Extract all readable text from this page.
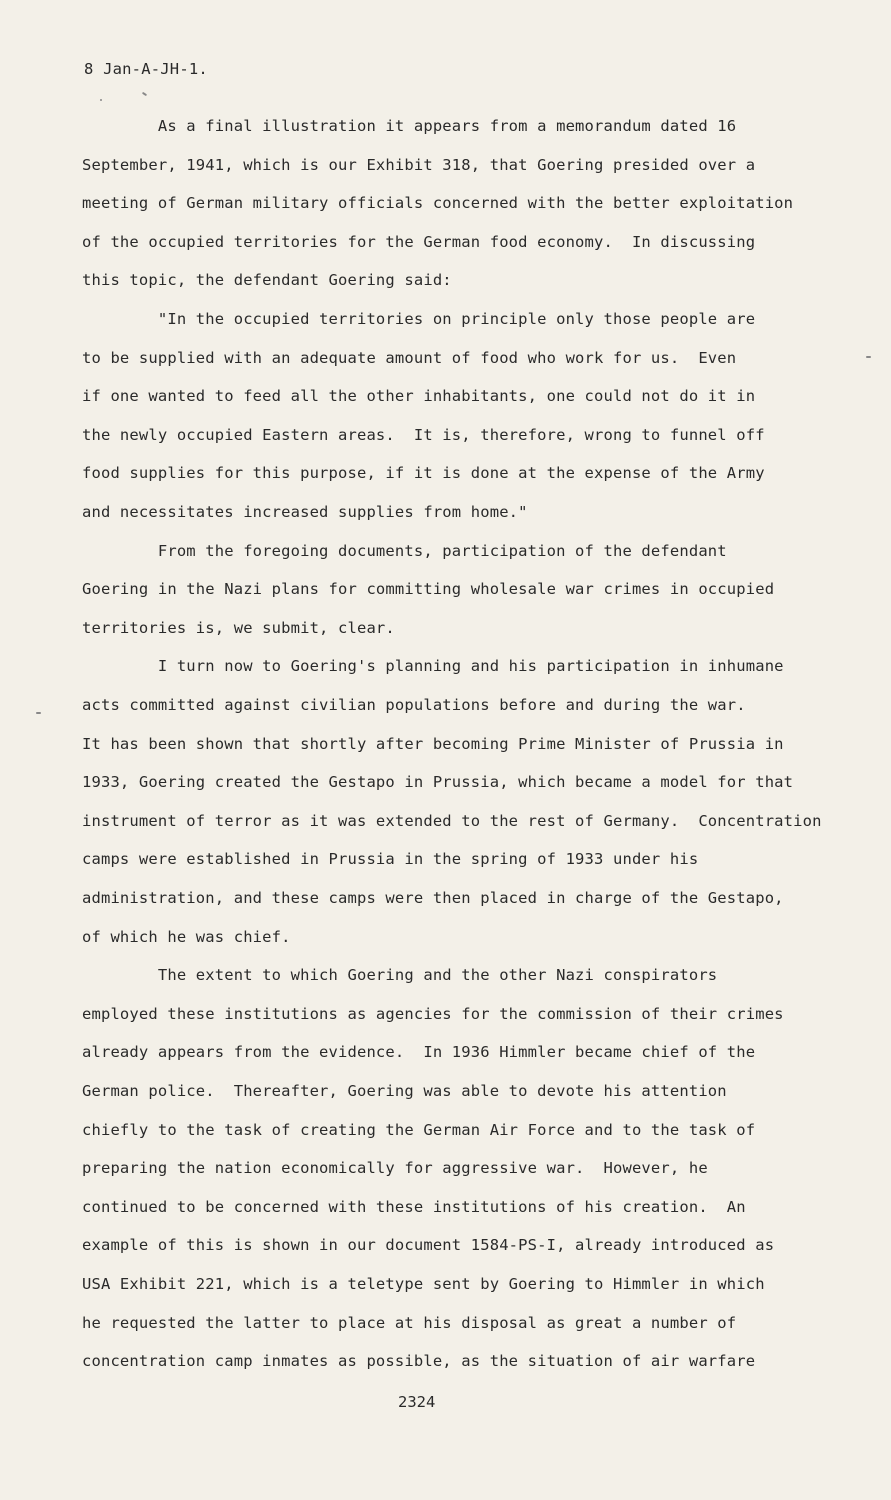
8 Jan-A-JH-1.
As a final illustration it appears from a memorandum dated 16
September, 1941, which is our Exhibit 318, that Goering presided over a
meeting of German military officials concerned with the better exploitation
of the occupied territories for the German food economy.  In discussing
this topic, the defendant Goering said:
"In the occupied territories on principle only those people are
to be supplied with an adequate amount of food who work for us.  Even
if one wanted to feed all the other inhabitants, one could not do it in
the newly occupied Eastern areas.  It is, therefore, wrong to funnel off
food supplies for this purpose, if it is done at the expense of the Army
and necessitates increased supplies from home."
From the foregoing documents, participation of the defendant
Goering in the Nazi plans for committing wholesale war crimes in occupied
territories is, we submit, clear.
I turn now to Goering's planning and his participation in inhumane
acts committed against civilian populations before and during the war.
It has been shown that shortly after becoming Prime Minister of Prussia in
1933, Goering created the Gestapo in Prussia, which became a model for that
instrument of terror as it was extended to the rest of Germany.  Concentration
camps were established in Prussia in the spring of 1933 under his
administration, and these camps were then placed in charge of the Gestapo,
of which he was chief.
The extent to which Goering and the other Nazi conspirators
employed these institutions as agencies for the commission of their crimes
already appears from the evidence.  In 1936 Himmler became chief of the
German police.  Thereafter, Goering was able to devote his attention
chiefly to the task of creating the German Air Force and to the task of
preparing the nation economically for aggressive war.  However, he
continued to be concerned with these institutions of his creation.  An
example of this is shown in our document 1584-PS-I, already introduced as
USA Exhibit 221, which is a teletype sent by Goering to Himmler in which
he requested the latter to place at his disposal as great a number of
concentration camp inmates as possible, as the situation of air warfare
2324
